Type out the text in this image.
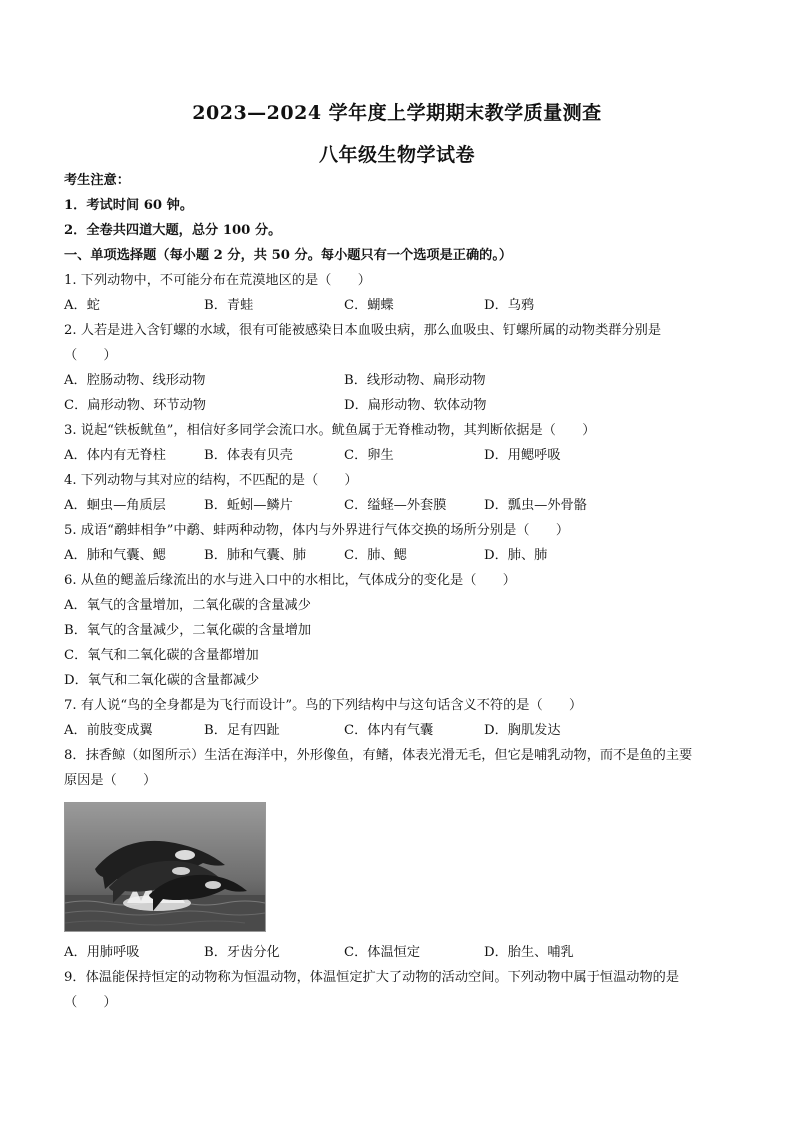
2023—2024 学年度上学期期末教学质量测查
八年级生物学试卷
考生注意：
1．考试时间 60 钟。
2．全卷共四道大题，总分 100 分。
一、单项选择题（每小题 2 分，共 50 分。每小题只有一个选项是正确的。）
1. 下列动物中，不可能分布在荒漠地区的是（　　）
A．蛇	B．青蛙	C．蝴蝶	D．乌鸦
2. 人若是进入含钉螺的水域，很有可能被感染日本血吸虫病，那么血吸虫、钉螺所属的动物类群分别是
（　　）
A．腔肠动物、线形动物	B．线形动物、扁形动物
C．扁形动物、环节动物	D．扁形动物、软体动物
3. 说起“铁板鱿鱼”，相信好多同学会流口水。鱿鱼属于无脊椎动物，其判断依据是（　　）
A．体内有无脊柱	B．体表有贝壳	C．卵生	D．用鳃呼吸
4. 下列动物与其对应的结构，不匹配的是（　　）
A．蛔虫—角质层	B．蚯蚓—鳞片	C．缢蛏—外套膜	D．瓢虫—外骨骼
5. 成语“鹬蚌相争”中鹬、蚌两种动物，体内与外界进行气体交换的场所分别是（　　）
A．肺和气囊、鳃	B．肺和气囊、肺	C．肺、鳃	D．肺、肺
6. 从鱼的鳃盖后缘流出的水与进入口中的水相比，气体成分的变化是（　　）
A．氧气的含量增加，二氧化碳的含量减少
B．氧气的含量减少，二氧化碳的含量增加
C．氧气和二氧化碳的含量都增加
D．氧气和二氧化碳的含量都减少
7. 有人说“鸟的全身都是为飞行而设计”。鸟的下列结构中与这句话含义不符的是（　　）
A．前肢变成翼	B．足有四趾	C．体内有气囊	D．胸肌发达
8．抹香鲸（如图所示）生活在海洋中，外形像鱼，有鳍，体表光滑无毛，但它是哺乳动物，而不是鱼的主要
原因是（　　）
A．用肺呼吸	B．牙齿分化	C．体温恒定	D．胎生、哺乳
9．体温能保持恒定的动物称为恒温动物，体温恒定扩大了动物的活动空间。下列动物中属于恒温动物的是
（　　）
